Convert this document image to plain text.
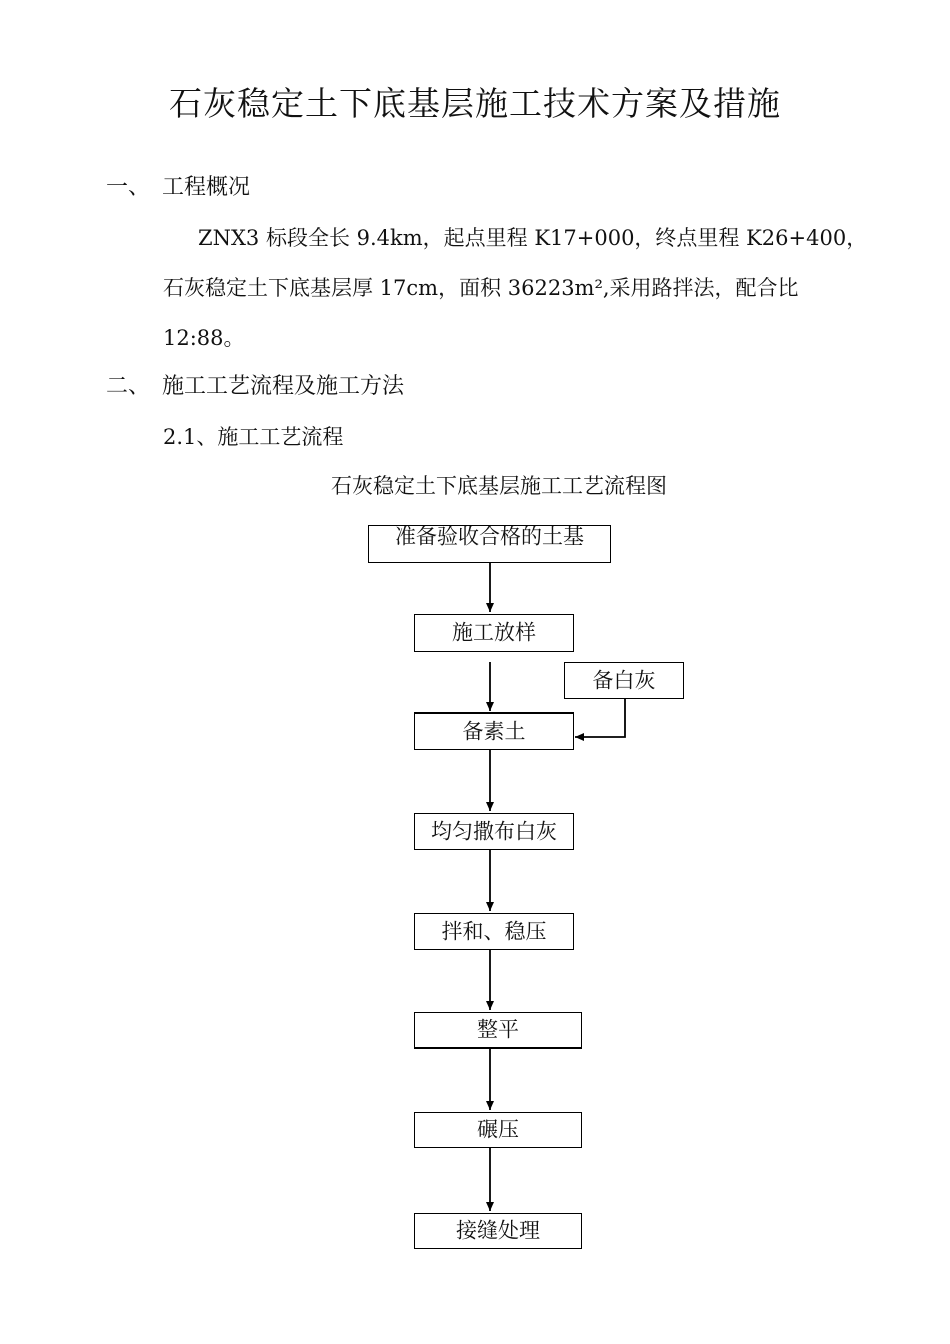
石灰稳定土下底基层施工技术方案及措施
一、 工程概况
ZNX3 标段全长 9.4km，起点里程 K17+000，终点里程 K26+400，
石灰稳定土下底基层厚 17cm，面积 36223m²,采用路拌法，配合比
12:88。
二、 施工工艺流程及施工方法
2.1、施工工艺流程
石灰稳定土下底基层施工工艺流程图
准备验收合格的土基
施工放样
备白灰
备素土
均匀撒布白灰
拌和、稳压
整平
碾压
接缝处理
